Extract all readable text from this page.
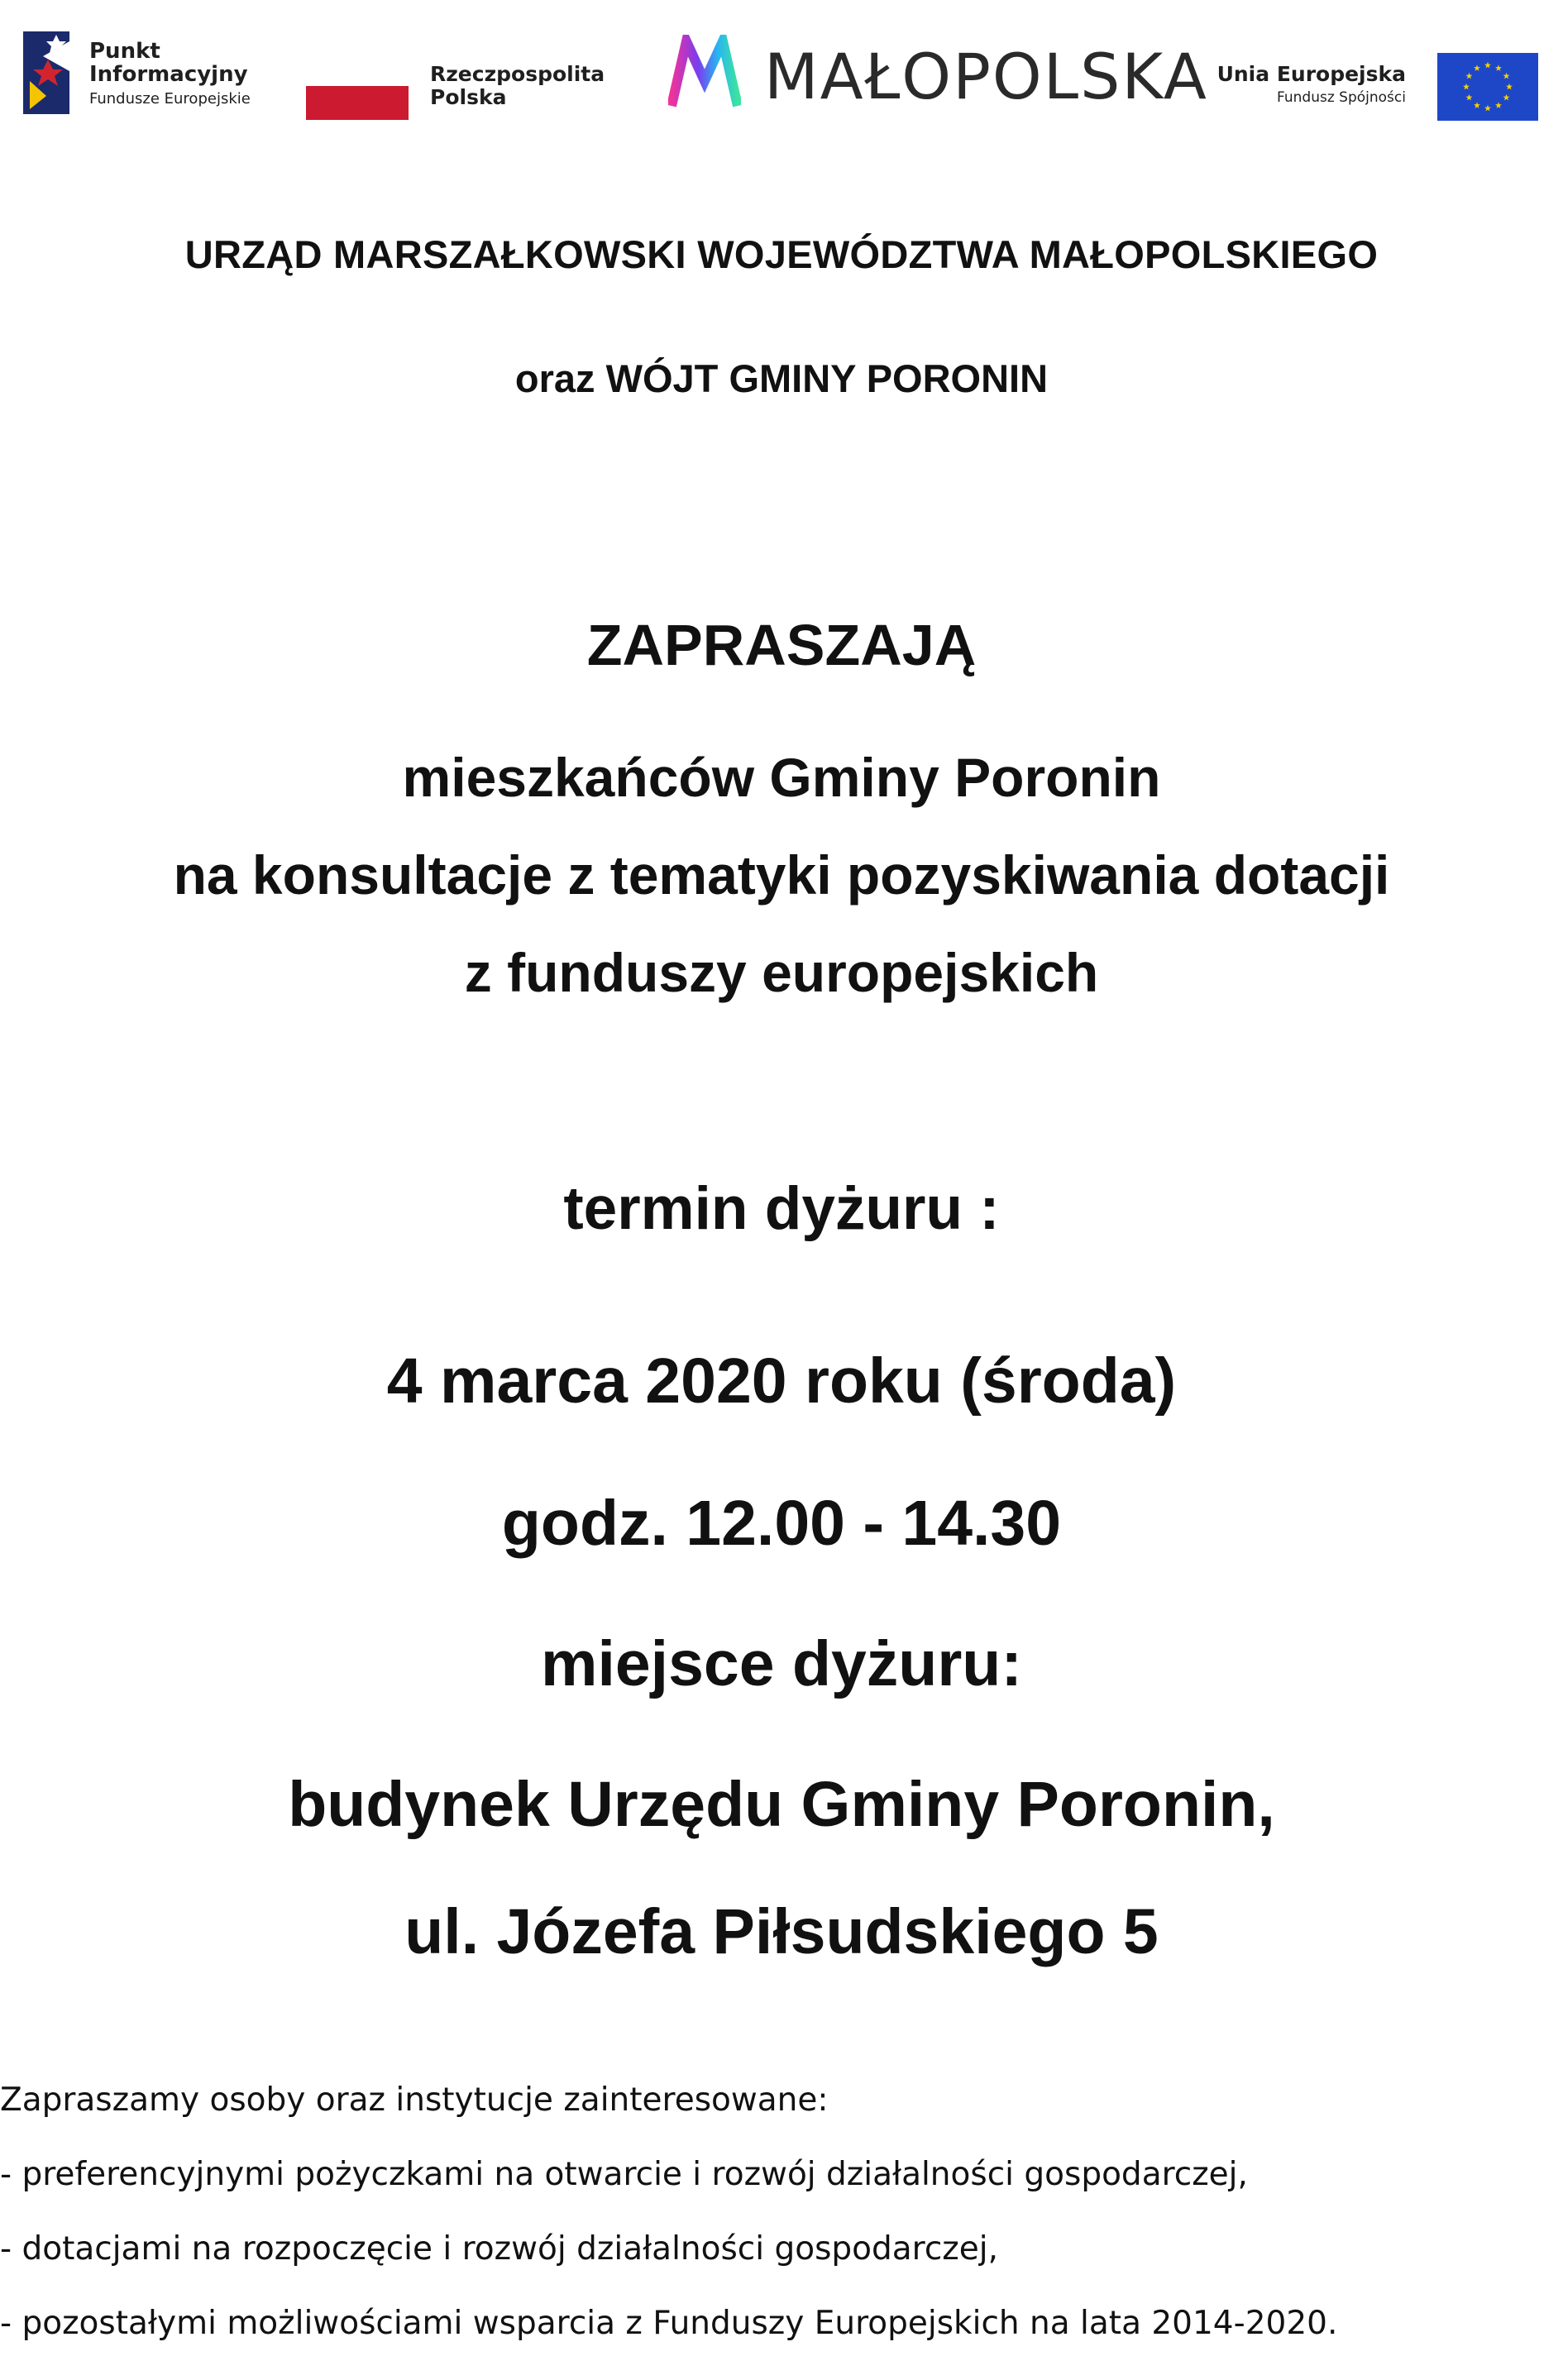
Punkt
Informacyjny
Fundusze Europejskie
Rzeczpospolita
Polska	MAŁOPOLSKA Unia Europejska
Fundusz Spójności
URZĄD MARSZAŁKOWSKI WOJEWÓDZTWA MAŁOPOLSKIEGO
oraz WÓJT GMINY PORONIN
ZAPRASZAJĄ
mieszkańców Gminy Poronin
na konsultacje z tematyki pozyskiwania dotacji
z funduszy europejskich
termin dyżuru :
4 marca 2020 roku (środa)
godz. 12.00 - 14.30
miejsce dyżuru:
budynek Urzędu Gminy Poronin,
ul. Józefa Piłsudskiego 5
Zapraszamy osoby oraz instytucje zainteresowane:
- preferencyjnymi pożyczkami na otwarcie i rozwój działalności gospodarczej,
- dotacjami na rozpoczęcie i rozwój działalności gospodarczej,
- pozostałymi możliwościami wsparcia z Funduszy Europejskich na lata 2014-2020.
